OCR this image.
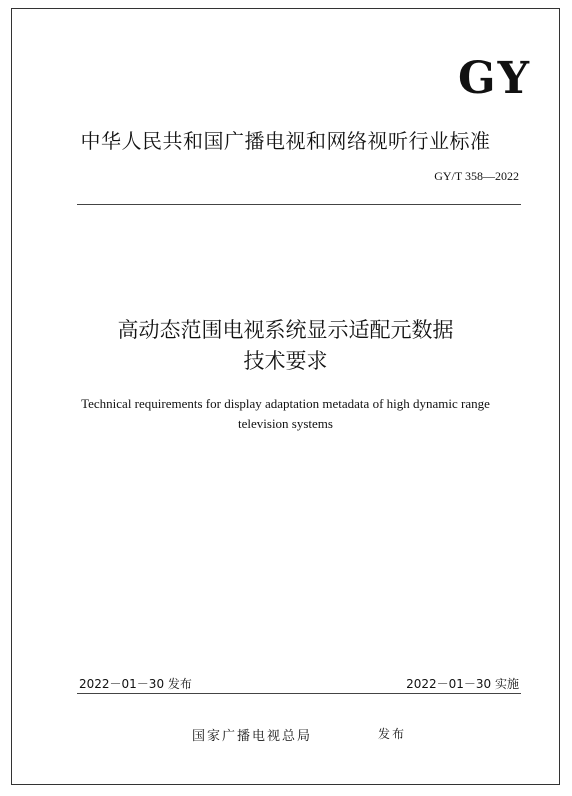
GY
中华人民共和国广播电视和网络视听行业标准
GY/T 358—2022
高动态范围电视系统显示适配元数据
技术要求
Technical requirements for display adaptation metadata of high dynamic range
television systems
2022－01－30 发布	2022－01－30 实施
国家广播电视总局	发布
